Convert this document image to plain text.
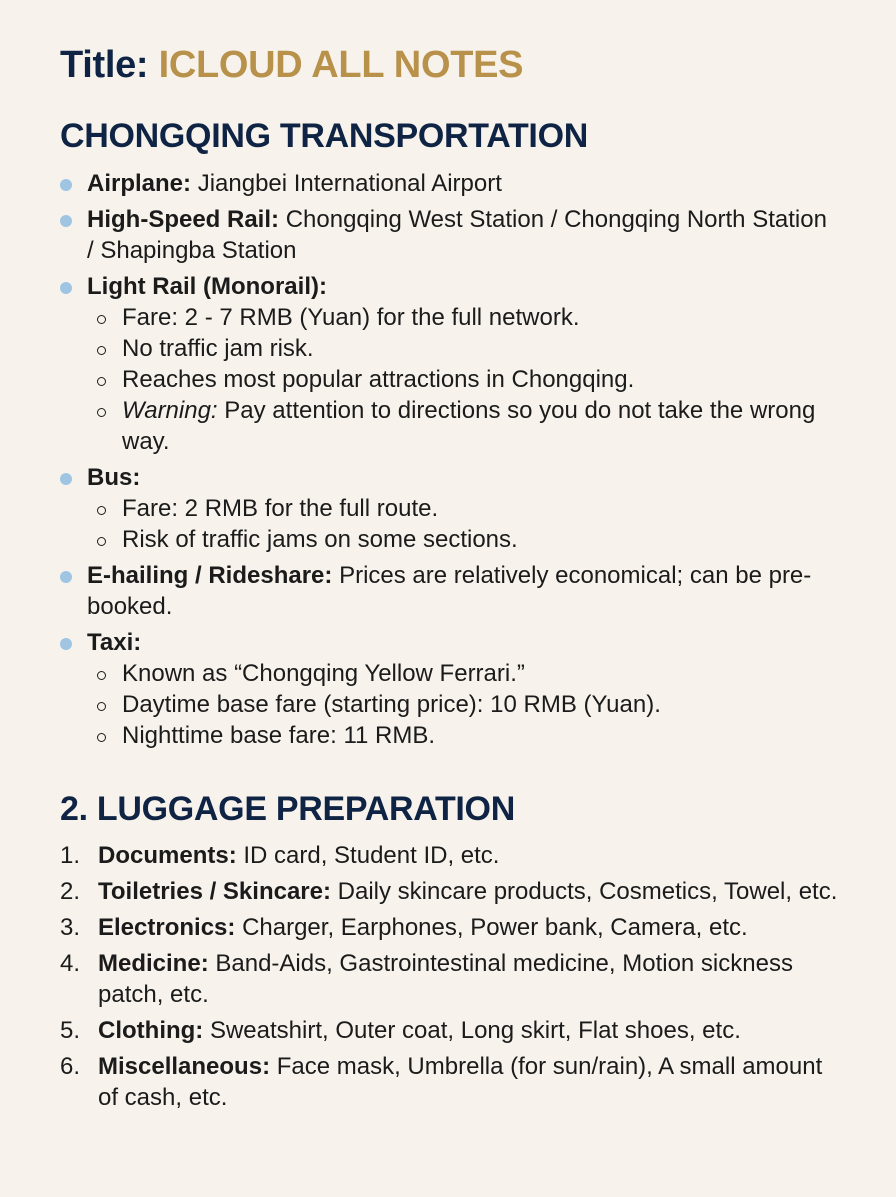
Title: ICLOUD ALL NOTES
CHONGQING TRANSPORTATION
Airplane: Jiangbei International Airport
High-Speed Rail: Chongqing West Station / Chongqing North Station / Shapingba Station
Light Rail (Monorail):
Fare: 2 - 7 RMB (Yuan) for the full network.
No traffic jam risk.
Reaches most popular attractions in Chongqing.
Warning: Pay attention to directions so you do not take the wrong way.
Bus:
Fare: 2 RMB for the full route.
Risk of traffic jams on some sections.
E-hailing / Rideshare: Prices are relatively economical; can be pre-booked.
Taxi:
Known as “Chongqing Yellow Ferrari.”
Daytime base fare (starting price): 10 RMB (Yuan).
Nighttime base fare: 11 RMB.
2. LUGGAGE PREPARATION
1. Documents: ID card, Student ID, etc.
2. Toiletries / Skincare: Daily skincare products, Cosmetics, Towel, etc.
3. Electronics: Charger, Earphones, Power bank, Camera, etc.
4. Medicine: Band-Aids, Gastrointestinal medicine, Motion sickness patch, etc.
5. Clothing: Sweatshirt, Outer coat, Long skirt, Flat shoes, etc.
6. Miscellaneous: Face mask, Umbrella (for sun/rain), A small amount of cash, etc.
